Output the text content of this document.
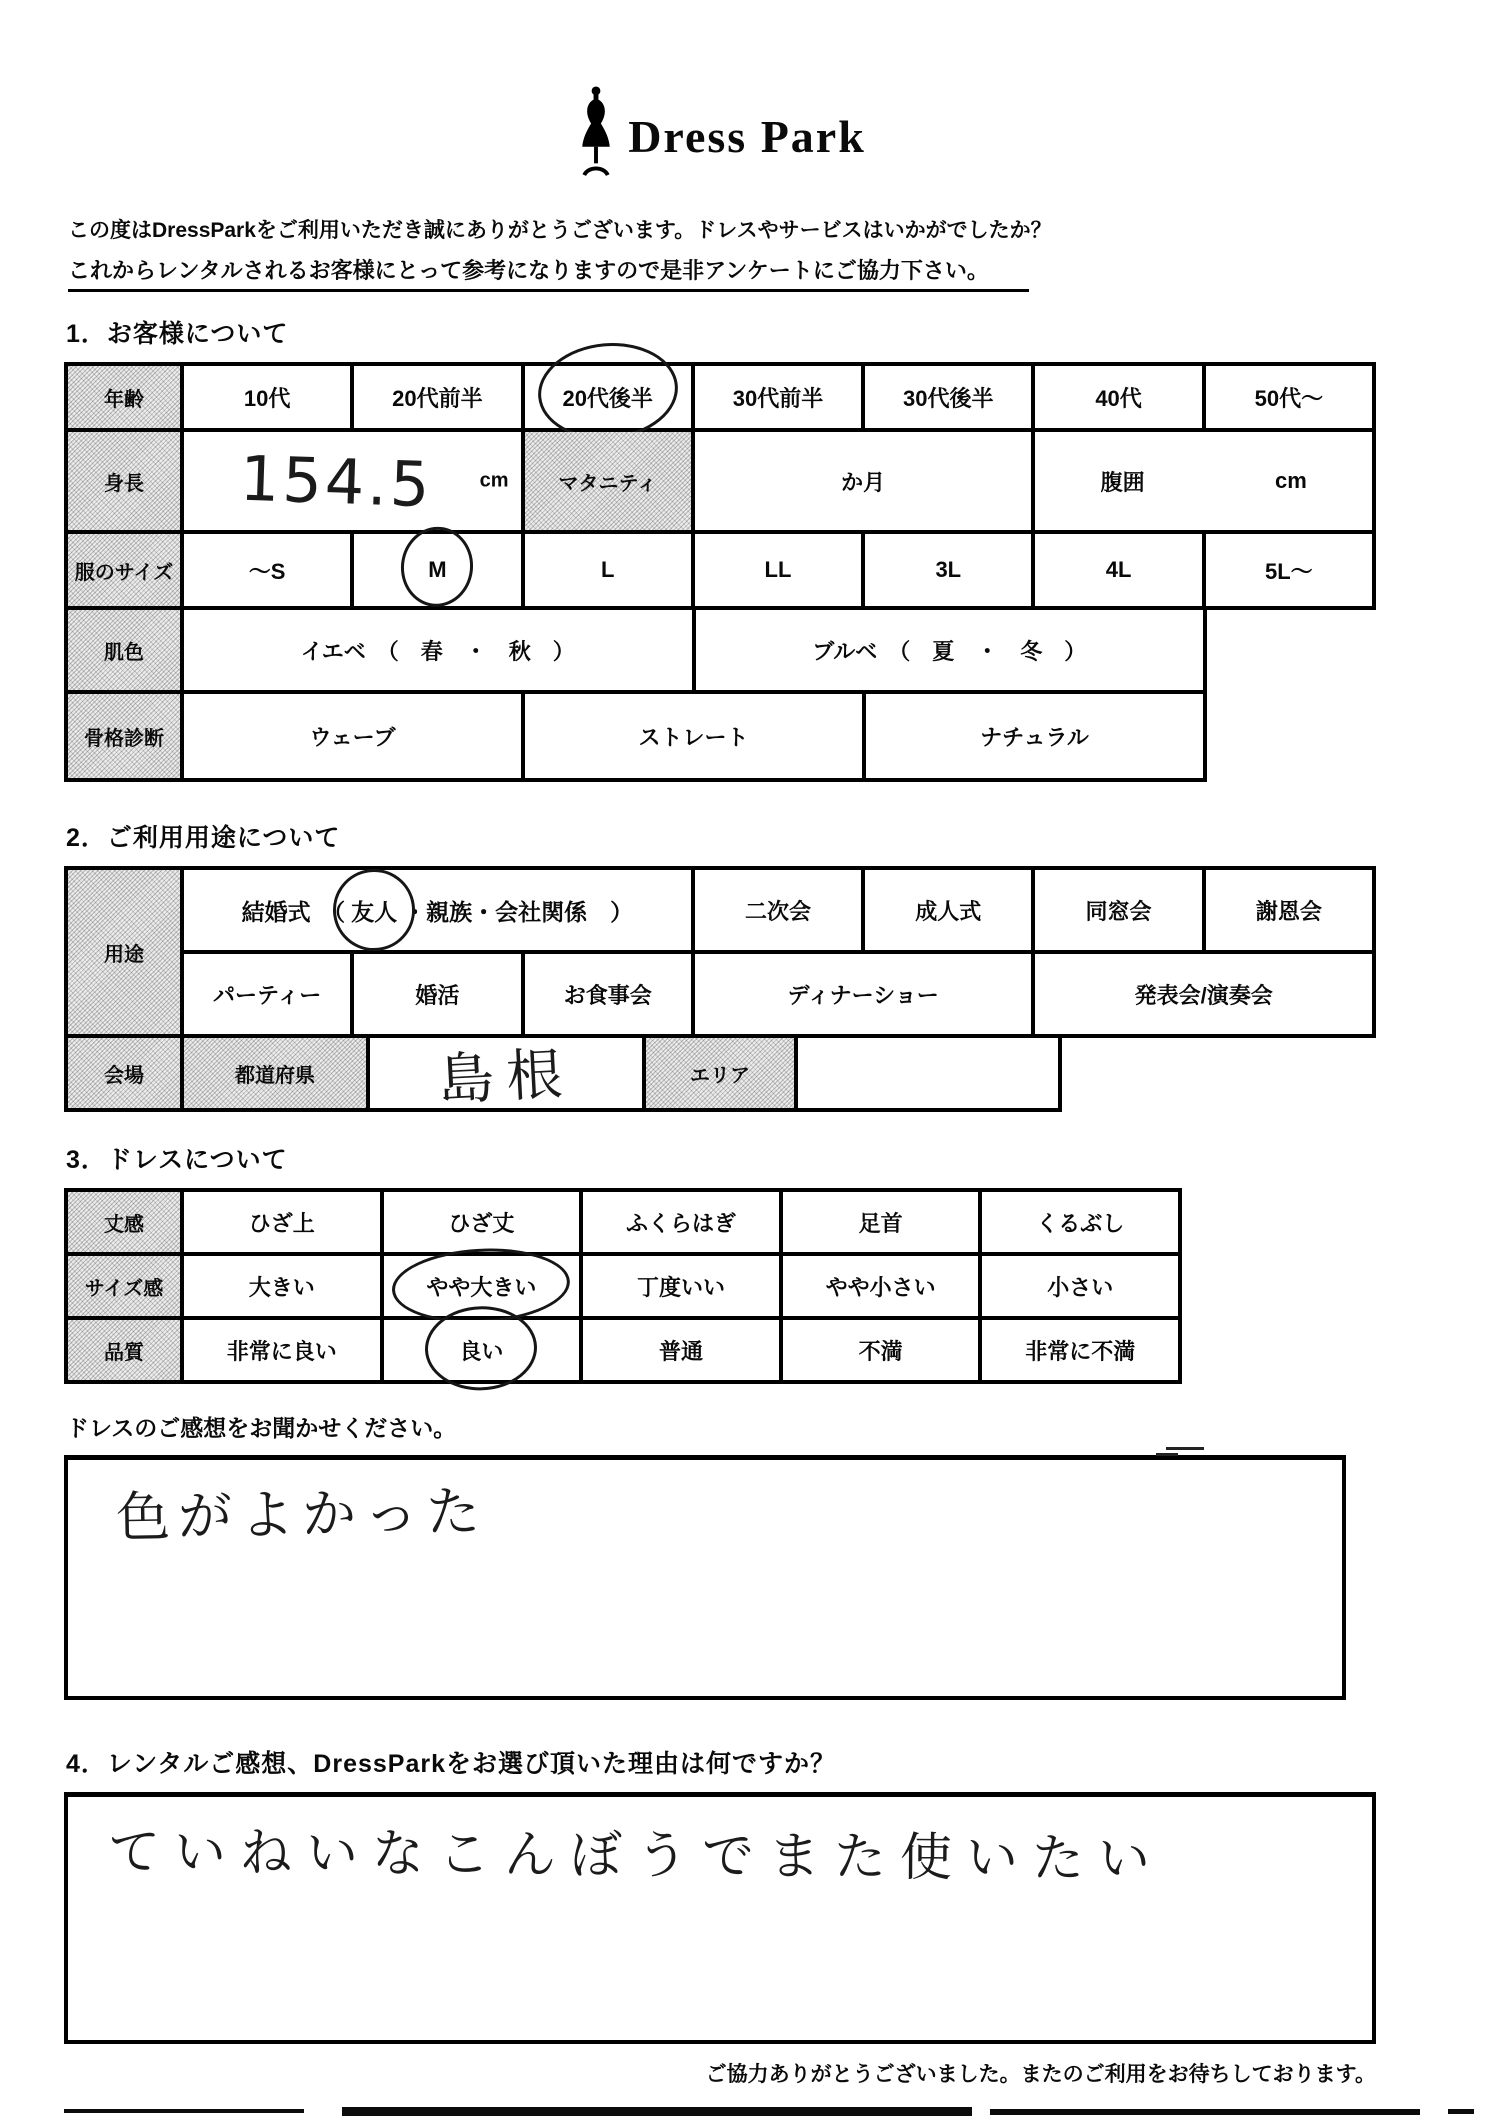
Dress Park

この度はDressParkをご利用いただき誠にありがとうございます。ドレスやサービスはいかがでしたか？

これからレンタルされるお客様にとって参考になりますので是非アンケートにご協力下さい。

1．お客様について
年齢	10代	20代前半	20代後半	30代前半	30代後半	40代	50代～
身長	154.5 cm	マタニティ	か月	腹囲	cm
服のサイズ	～S	M	L	LL	3L	4L	5L～
肌色	イエベ　（　春　・　秋　）	ブルベ　（　夏　・　冬　）
骨格診断	ウェーブ	ストレート	ナチュラル
2．ご利用用途について
用途
結婚式　（ 友人 ・親族・会社関係　）	二次会	成人式	同窓会	謝恩会
パーティー	婚活	お食事会	ディナーショー	発表会/演奏会
会場	都道府県	島根	エリア
3．ドレスについて
丈感	ひざ上	ひざ丈	ふくらはぎ	足首	くるぶし
サイズ感	大きい	やや大きい	丁度いい	やや小さい	小さい
品質	非常に良い	良い	普通	不満	非常に不満

ドレスのご感想をお聞かせください。

色がよかった
4．レンタルご感想、DressParkをお選び頂いた理由は何ですか？
ていねいなこんぼうでまた使いたい

ご協力ありがとうございました。またのご利用をお待ちしております。
